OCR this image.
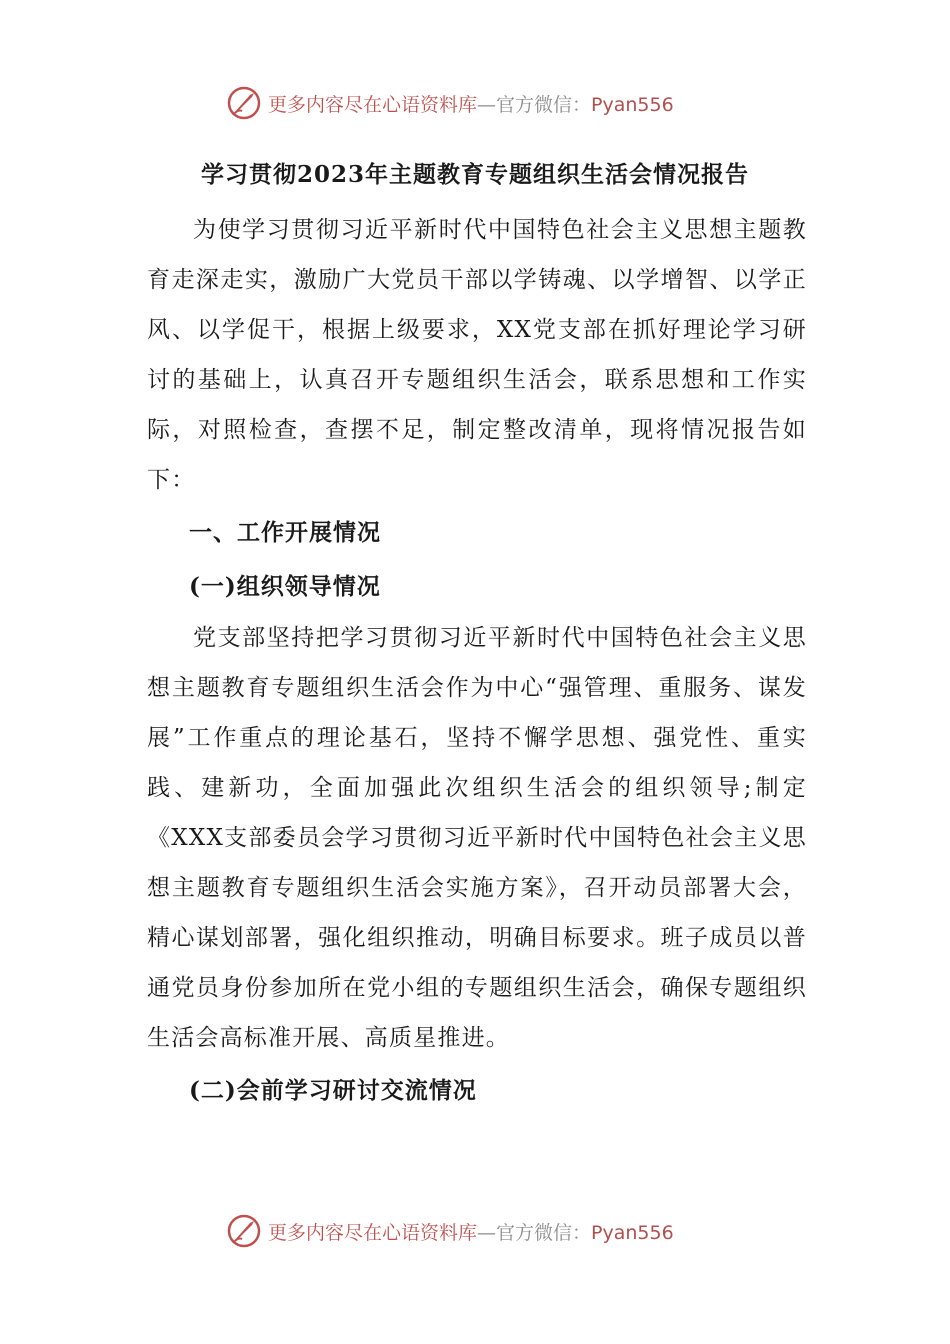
更多内容尽在心语资料库—官方微信：Pyan556
学习贯彻2023年主题教育专题组织生活会情况报告

为使学习贯彻习近平新时代中国特色社会主义思想主题教育走深走实，激励广大党员干部以学铸魂、以学增智、以学正风、以学促干，根据上级要求，XX党支部在抓好理论学习研讨的基础上，认真召开专题组织生活会，联系思想和工作实际，对照检查，查摆不足，制定整改清单，现将情况报告如下：

一、工作开展情况
(一)组织领导情况

党支部坚持把学习贯彻习近平新时代中国特色社会主义思想主题教育专题组织生活会作为中心“强管理、重服务、谋发展”工作重点的理论基石，坚持不懈学思想、强党性、重实践、建新功，全面加强此次组织生活会的组织领导;制定《XXX支部委员会学习贯彻习近平新时代中国特色社会主义思想主题教育专题组织生活会实施方案》，召开动员部署大会，精心谋划部署，强化组织推动，明确目标要求。班子成员以普通党员身份参加所在党小组的专题组织生活会，确保专题组织生活会高标准开展、高质星推进。

(二)会前学习研讨交流情况
更多内容尽在心语资料库—官方微信：Pyan556
